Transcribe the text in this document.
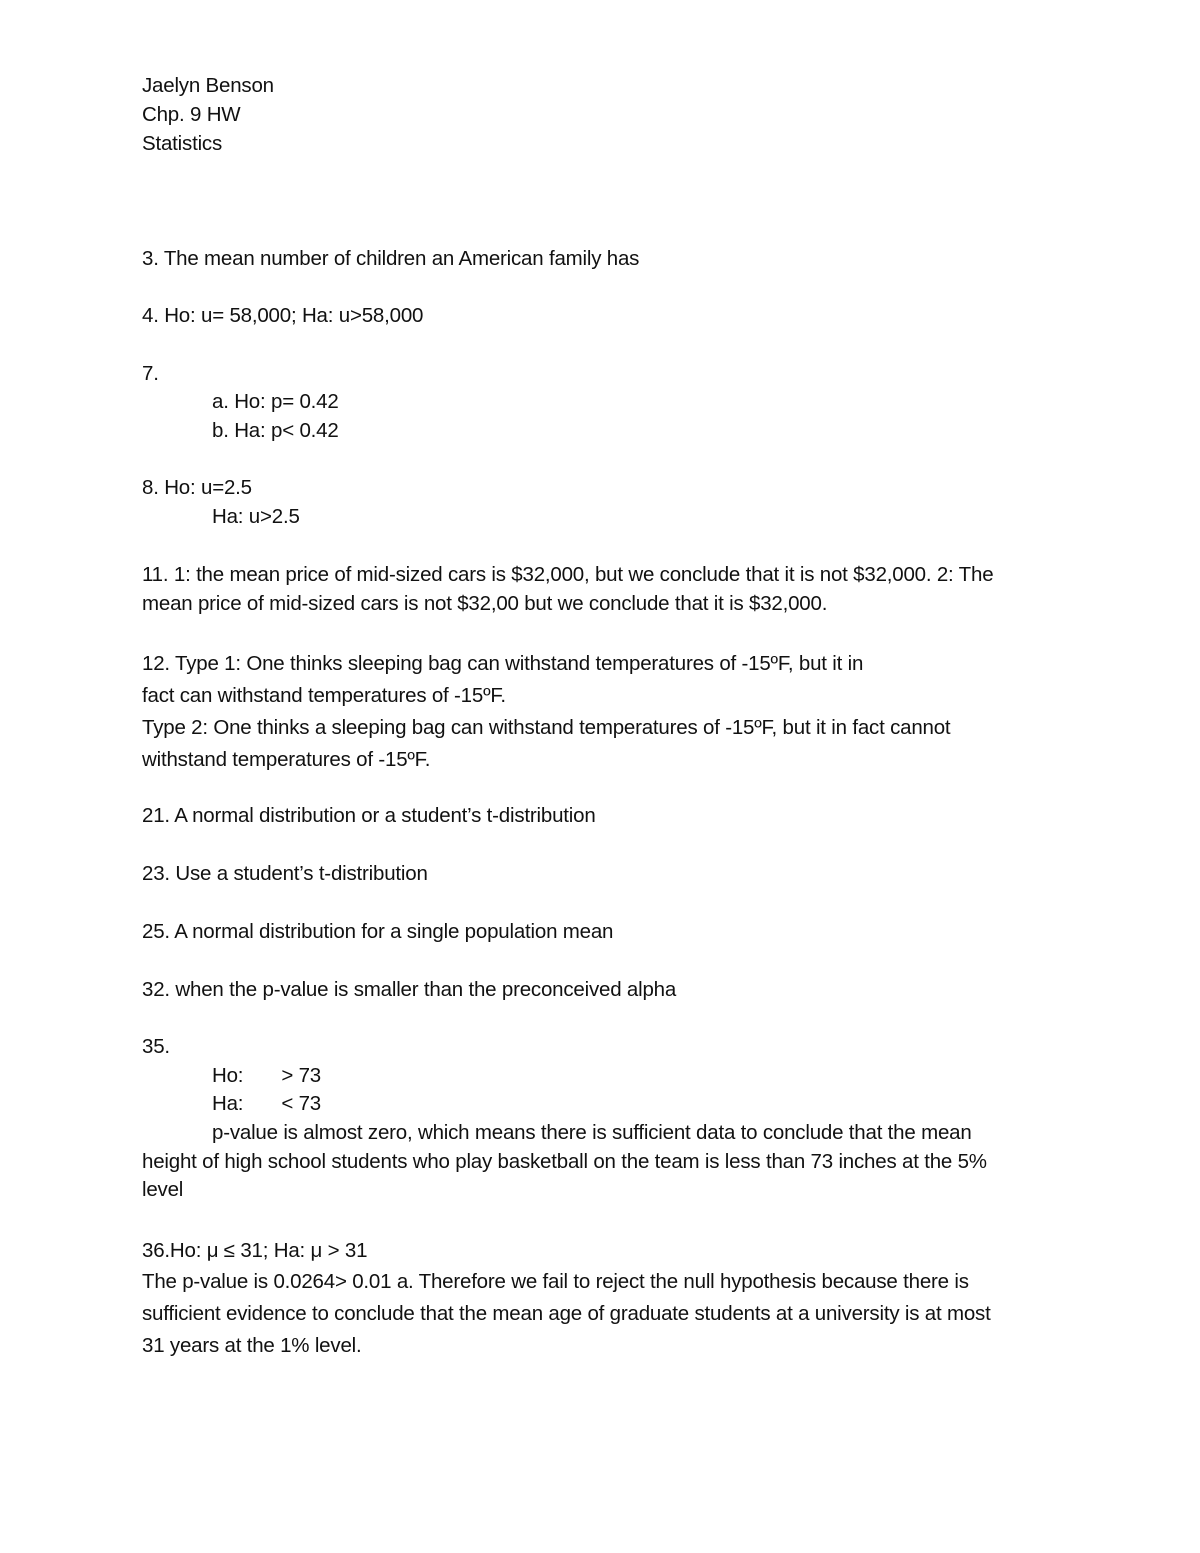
Jaelyn Benson
Chp. 9 HW
Statistics
3. The mean number of children an American family has
4. Ho: u= 58,000; Ha: u>58,000
7.
a. Ho: p= 0.42
b. Ha: p< 0.42
8. Ho: u=2.5
Ha: u>2.5
11. 1: the mean price of mid-sized cars is $32,000, but we conclude that it is not $32,000. 2: The
mean price of mid-sized cars is not $32,00 but we conclude that it is $32,000.
12. Type 1: One thinks sleeping bag can withstand temperatures of -15ºF, but it in
fact can withstand temperatures of -15ºF.
Type 2: One thinks a sleeping bag can withstand temperatures of -15ºF, but it in fact cannot
withstand temperatures of -15ºF.
21. A normal distribution or a student’s t-distribution
23. Use a student’s t-distribution
25. A normal distribution for a single population mean
32. when the p-value is smaller than the preconceived alpha
35.
Ho: > 73
Ha: < 73
p-value is almost zero, which means there is sufficient data to conclude that the mean
height of high school students who play basketball on the team is less than 73 inches at the 5%
level
36.Ho: μ ≤ 31; Ha: μ > 31
The p-value is 0.0264> 0.01 a. Therefore we fail to reject the null hypothesis because there is
sufficient evidence to conclude that the mean age of graduate students at a university is at most
31 years at the 1% level.
